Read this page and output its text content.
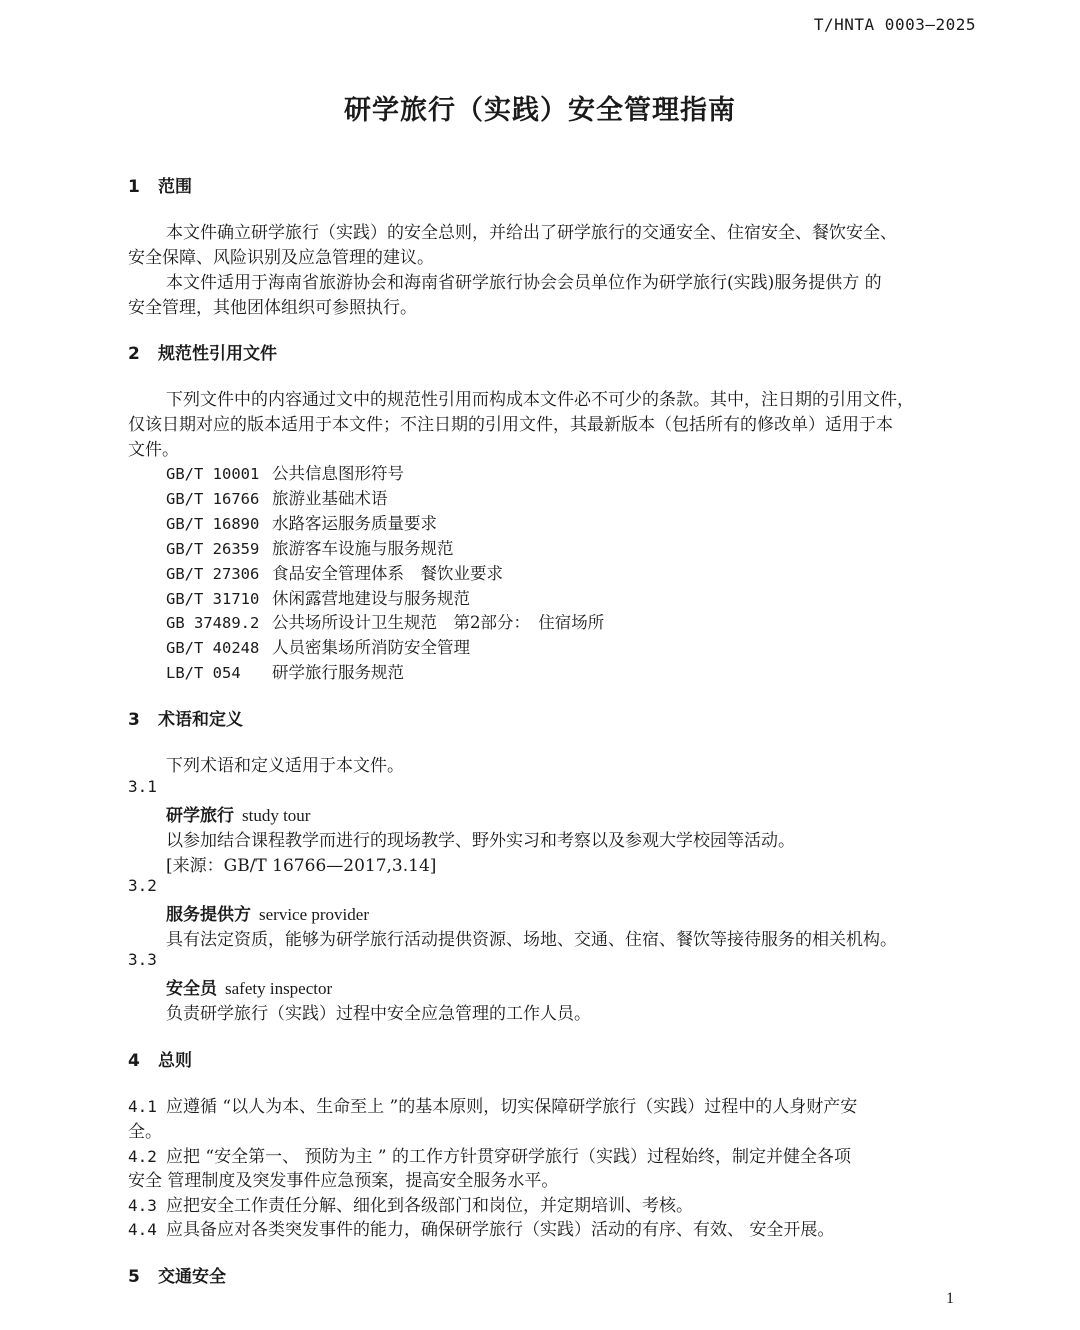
T/HNTA 0003—2025
研学旅行（实践）安全管理指南
1 范围
本文件确立研学旅行（实践）的安全总则，并给出了研学旅行的交通安全、住宿安全、餐饮安全、
安全保障、风险识别及应急管理的建议。
本文件适用于海南省旅游协会和海南省研学旅行协会会员单位作为研学旅行(实践)服务提供方 的
安全管理，其他团体组织可参照执行。
2 规范性引用文件
下列文件中的内容通过文中的规范性引用而构成本文件必不可少的条款。其中，注日期的引用文件，
仅该日期对应的版本适用于本文件；不注日期的引用文件，其最新版本（包括所有的修改单）适用于本
文件。
GB/T 10001 公共信息图形符号
GB/T 16766 旅游业基础术语
GB/T 16890 水路客运服务质量要求
GB/T 26359 旅游客车设施与服务规范
GB/T 27306 食品安全管理体系　餐饮业要求
GB/T 31710 休闲露营地建设与服务规范
GB 37489.2 公共场所设计卫生规范　第2部分：　住宿场所
GB/T 40248 人员密集场所消防安全管理
LB/T 054 研学旅行服务规范
3 术语和定义
下列术语和定义适用于本文件。
3.1
研学旅行 study tour
以参加结合课程教学而进行的现场教学、野外实习和考察以及参观大学校园等活动。
[来源：GB/T 16766—2017,3.14]
3.2
服务提供方 service provider
具有法定资质，能够为研学旅行活动提供资源、场地、交通、住宿、餐饮等接待服务的相关机构。
3.3
安全员 safety inspector
负责研学旅行（实践）过程中安全应急管理的工作人员。
4 总则
4.1 应遵循 “以人为本、生命至上 ”的基本原则，切实保障研学旅行（实践）过程中的人身财产安
全。
4.2 应把 “安全第一、 预防为主 ” 的工作方针贯穿研学旅行（实践）过程始终，制定并健全各项
安全 管理制度及突发事件应急预案，提高安全服务水平。
4.3 应把安全工作责任分解、细化到各级部门和岗位，并定期培训、考核。
4.4 应具备应对各类突发事件的能力，确保研学旅行（实践）活动的有序、有效、 安全开展。
5 交通安全
1
